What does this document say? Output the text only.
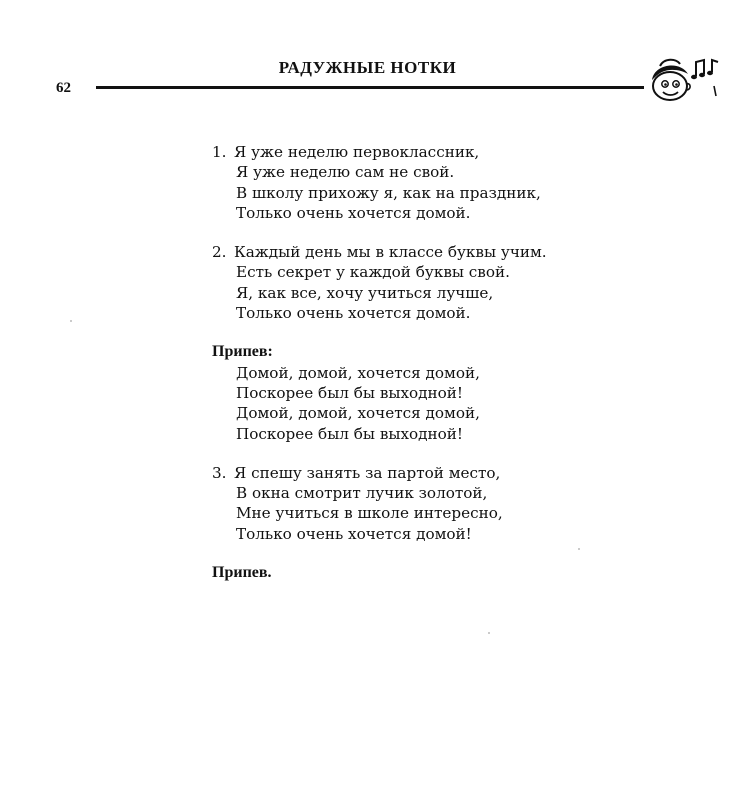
62
РАДУЖНЫЕ НОТКИ
1. Я уже неделю первоклассник,
Я уже неделю сам не свой.
В школу прихожу я, как на праздник,
Только очень хочется домой.
2. Каждый день мы в классе буквы учим.
Есть секрет у каждой буквы свой.
Я, как все, хочу учиться лучше,
Только очень хочется домой.
Припев:
Домой, домой, хочется домой,
Поскорее был бы выходной!
Домой, домой, хочется домой,
Поскорее был бы выходной!
3. Я спешу занять за партой место,
В окна смотрит лучик золотой,
Мне учиться в школе интересно,
Только очень хочется домой!
Припев.
